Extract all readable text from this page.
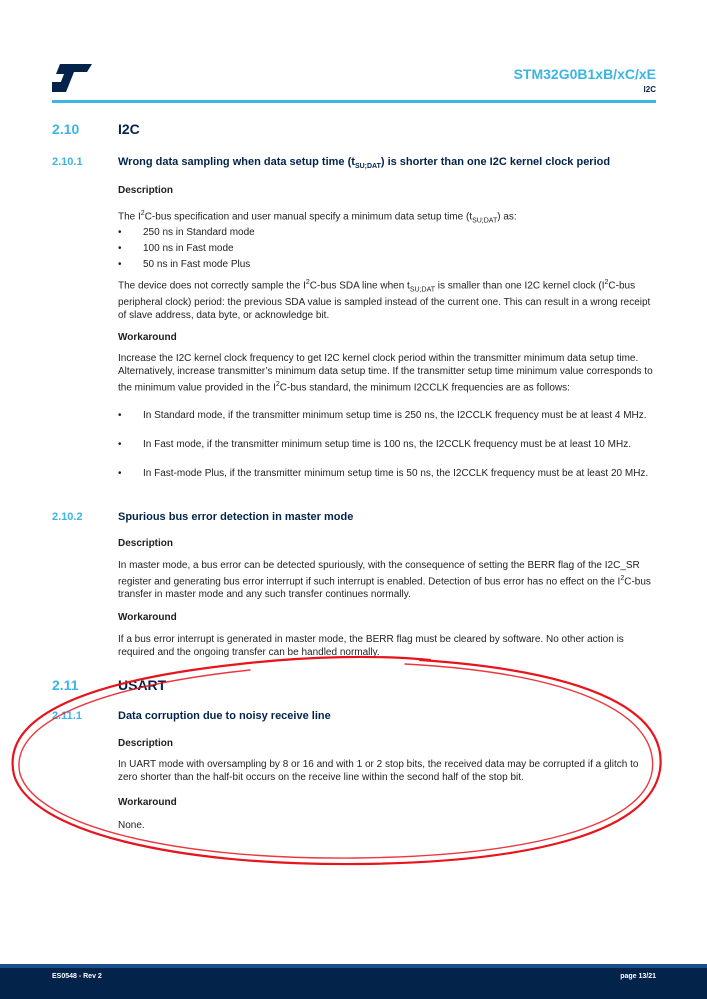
STM32G0B1xB/xC/xE
I2C
2.10	I2C
2.10.1	Wrong data sampling when data setup time $(t_{SU;DAT})$ is shorter than one I2C kernel clock period
Description
The $I^2C$-bus specification and user manual specify a minimum data setup time $(t_{SU;DAT})$ as:
• 250 ns in Standard mode
• 100 ns in Fast mode
• 50 ns in Fast mode Plus
The device does not correctly sample the $I^2C$-bus SDA line when $t_{SU;DAT}$ is smaller than one I2C kernel clock ($I^2C$-bus peripheral clock) period: the previous SDA value is sampled instead of the current one. This can result in a wrong receipt of slave address, data byte, or acknowledge bit.
Workaround
Increase the I2C kernel clock frequency to get I2C kernel clock period within the transmitter minimum data setup time. Alternatively, increase transmitter’s minimum data setup time. If the transmitter setup time minimum value corresponds to the minimum value provided in the $I^2C$-bus standard, the minimum I2CCLK frequencies are as follows:
• In Standard mode, if the transmitter minimum setup time is 250 ns, the I2CCLK frequency must be at least 4 MHz.
• In Fast mode, if the transmitter minimum setup time is 100 ns, the I2CCLK frequency must be at least 10 MHz.
• In Fast-mode Plus, if the transmitter minimum setup time is 50 ns, the I2CCLK frequency must be at least 20 MHz.
2.10.2	Spurious bus error detection in master mode
Description
In master mode, a bus error can be detected spuriously, with the consequence of setting the BERR flag of the I2C_SR register and generating bus error interrupt if such interrupt is enabled. Detection of bus error has no effect on the $I^2C$-bus transfer in master mode and any such transfer continues normally.
Workaround
If a bus error interrupt is generated in master mode, the BERR flag must be cleared by software. No other action is required and the ongoing transfer can be handled normally.
2.11	USART
2.11.1	Data corruption due to noisy receive line
Description
In UART mode with oversampling by 8 or 16 and with 1 or 2 stop bits, the received data may be corrupted if a glitch to zero shorter than the half-bit occurs on the receive line within the second half of the stop bit.
Workaround
None.
ES0548 - Rev 2	page 13/21
